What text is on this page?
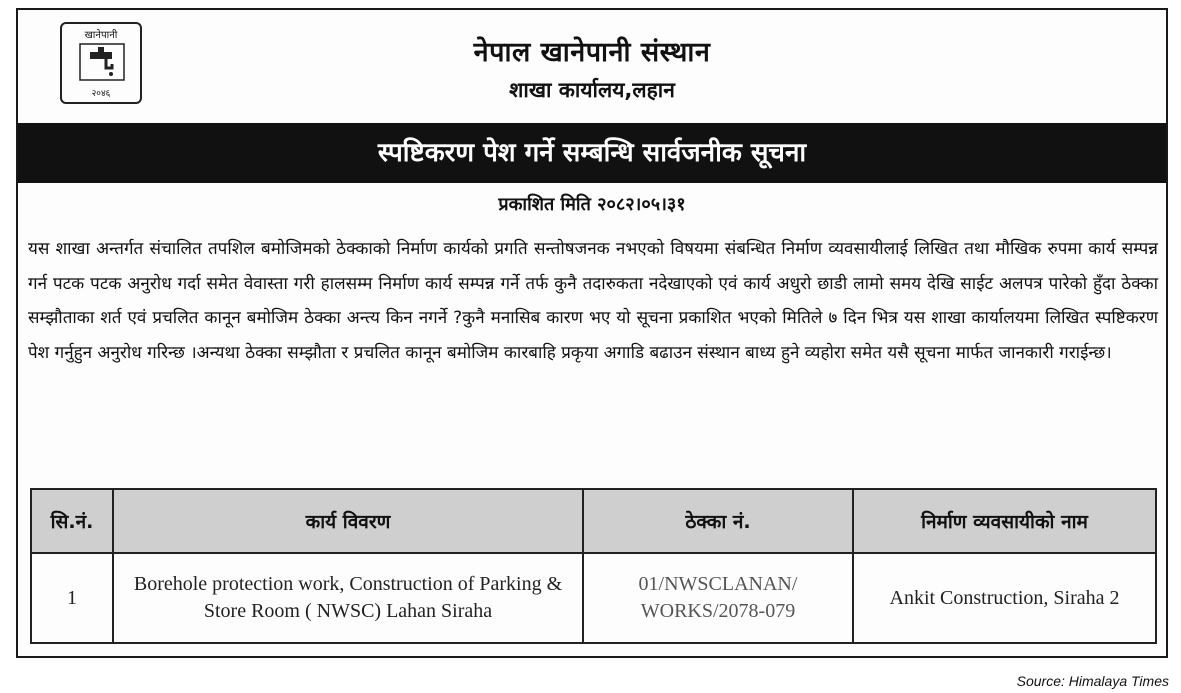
खानेपानी
२०४६
नेपाल खानेपानी संस्थान
शाखा कार्यालय,लहान
स्पष्टिकरण पेश गर्ने सम्बन्धि सार्वजनीक सूचना
प्रकाशित मिति २०८२।०५।३१
यस शाखा अन्तर्गत संचालित तपशिल बमोजिमको ठेक्काको निर्माण कार्यको प्रगति सन्तोषजनक नभएको विषयमा संबन्धित निर्माण व्यवसायीलाई लिखित तथा मौखिक रुपमा कार्य सम्पन्न गर्न पटक पटक अनुरोध गर्दा समेत वेवास्ता गरी हालसम्म निर्माण कार्य सम्पन्न गर्ने तर्फ कुनै तदारुकता नदेखाएको एवं कार्य अधुरो छाडी लामो समय देखि साईट अलपत्र पारेको हुँदा ठेक्का सम्झौताका शर्त एवं प्रचलित कानून बमोजिम ठेक्का अन्त्य किन नगर्ने ?कुनै मनासिब कारण भए यो सूचना प्रकाशित भएको मितिले ७ दिन भित्र यस शाखा कार्यालयमा लिखित स्पष्टिकरण पेश गर्नुहुन अनुरोध गरिन्छ ।अन्यथा ठेक्का सम्झौता र प्रचलित कानून बमोजिम कारबाहि प्रकृया अगाडि बढाउन संस्थान बाध्य हुने व्यहोरा समेत यसै सूचना मार्फत जानकारी गराईन्छ।
सि.नं.	कार्य विवरण	ठेक्का नं.	निर्माण व्यवसायीको नाम
1	Borehole protection work, Construction of Parking & Store Room ( NWSC) Lahan Siraha	01/NWSCLANAN/ WORKS/2078-079	Ankit Construction, Siraha 2
Source: Himalaya Times
